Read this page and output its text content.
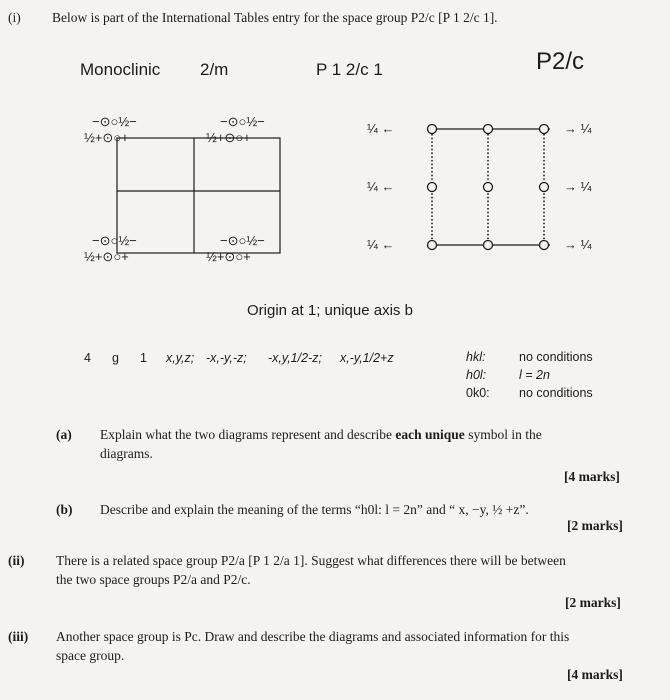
(i) Below is part of the International Tables entry for the space group P2/c [P 1 2/c 1].
Monoclinic 2/m	P 1 2/c 1	P2/c
−⊙○½−
½+⊙○+
−⊙○½−
½+⊙○+
−⊙○½−
½+⊙○+
−⊙○½−
½+⊙○+
¼ ←
¼ ←
¼ ←
→ ¼
→ ¼
→ ¼
Origin at 1; unique axis b
4 g 1 x,y,z; -x,-y,-z; -x,y,1/2-z; x,-y,1/2+z	hkl:	no conditions
h0l:	l = 2n
0k0: no conditions
(a) Explain what the two diagrams represent and describe each unique symbol in the
diagrams.
[4 marks]
(b) Describe and explain the meaning of the terms “h0l: l = 2n” and “ x, −y, ½ +z”.
[2 marks]
(ii) There is a related space group P2/a [P 1 2/a 1]. Suggest what differences there will be between
the two space groups P2/a and P2/c.
[2 marks]
(iii) Another space group is Pc. Draw and describe the diagrams and associated information for this
space group.
[4 marks]
